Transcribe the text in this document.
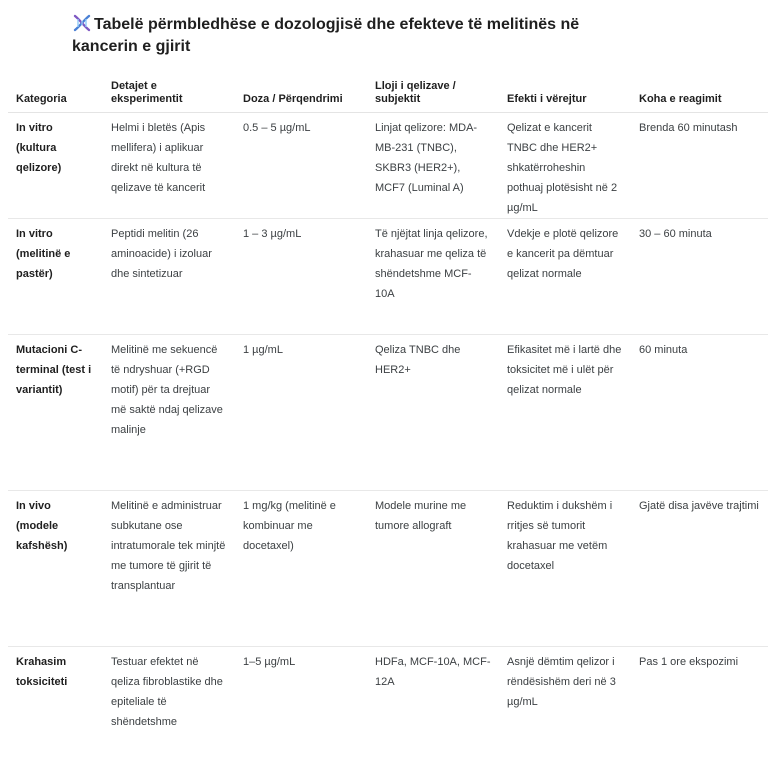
Tabelë përmbledhëse e dozologjisë dhe efekteve të melitinës në kancerin e gjirit
Kategoria	Detajet e eksperimentit	Doza / Përqendrimi	Lloji i qelizave / subjektit	Efekti i vërejtur	Koha e reagimit
In vitro (kultura qelizore)	Helmi i bletës (Apis mellifera) i aplikuar direkt në kultura të qelizave të kancerit	0.5 – 5 µg/mL	Linjat qelizore: MDA-MB-231 (TNBC), SKBR3 (HER2+), MCF7 (Luminal A)	Qelizat e kancerit TNBC dhe HER2+ shkatërroheshin pothuaj plotësisht në 2 µg/mL	Brenda 60 minutash
In vitro (melitinë e pastër)	Peptidi melitin (26 aminoacide) i izoluar dhe sintetizuar	1 – 3 µg/mL	Të njëjtat linja qelizore, krahasuar me qeliza të shëndetshme MCF-10A	Vdekje e plotë qelizore e kancerit pa dëmtuar qelizat normale	30 – 60 minuta
Mutacioni C-terminal (test i variantit)	Melitinë me sekuencë të ndryshuar (+RGD motif) për ta drejtuar më saktë ndaj qelizave malinje	1 µg/mL	Qeliza TNBC dhe HER2+	Efikasitet më i lartë dhe toksicitet më i ulët për qelizat normale	60 minuta
In vivo (modele kafshësh)	Melitinë e administruar subkutane ose intratumorale tek minjtë me tumore të gjirit të transplantuar	1 mg/kg (melitinë e kombinuar me docetaxel)	Modele murine me tumore allograft	Reduktim i dukshëm i rritjes së tumorit krahasuar me vetëm docetaxel	Gjatë disa javëve trajtimi
Krahasim toksiciteti	Testuar efektet në qeliza fibroblastike dhe epiteliale të shëndetshme	1–5 µg/mL	HDFa, MCF-10A, MCF-12A	Asnjë dëmtim qelizor i rëndësishëm deri në 3 µg/mL	Pas 1 ore ekspozimi
